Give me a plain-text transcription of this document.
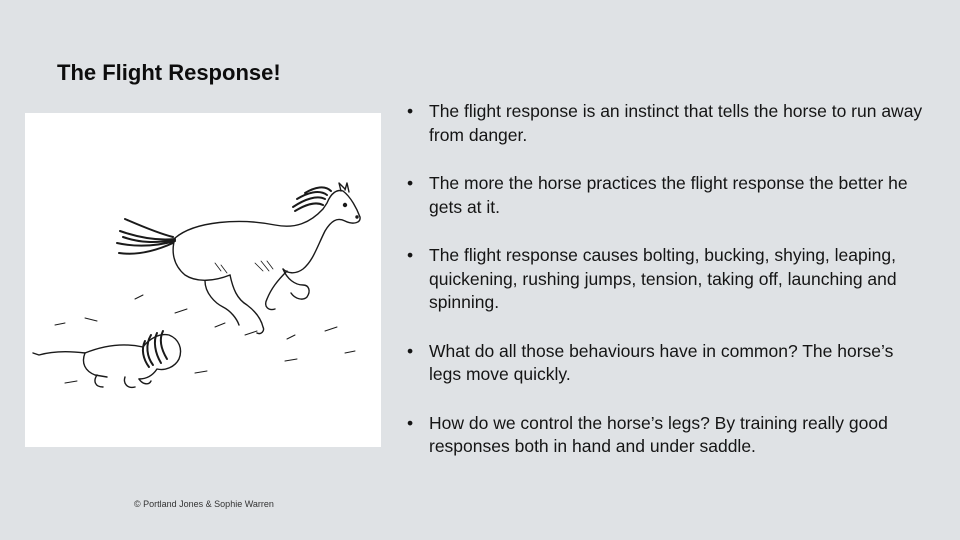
The Flight Response!
• The flight response is an instinct that tells the horse to run away from danger.
• The more the horse practices the flight response the better he gets at it.
• The flight response causes bolting, bucking, shying, leaping, quickening, rushing jumps, tension, taking off, launching and spinning.
• What do all those behaviours have in common? The horse’s legs move quickly.
• How do we control the horse’s legs? By training really good responses both in hand and under saddle.
© Portland Jones & Sophie Warren
